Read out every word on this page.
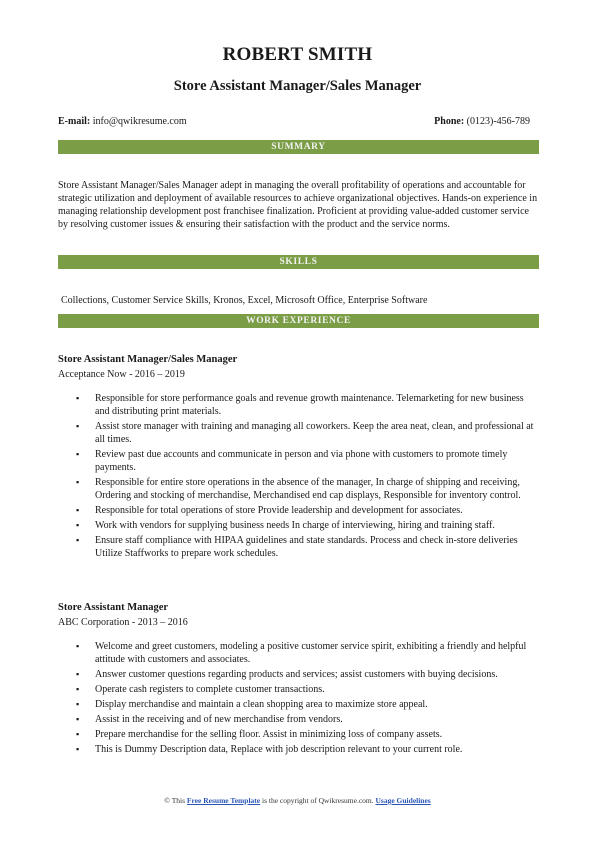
ROBERT SMITH
Store Assistant Manager/Sales Manager
E-mail: info@qwikresume.com	Phone: (0123)-456-789
SUMMARY
Store Assistant Manager/Sales Manager adept in managing the overall profitability of operations and accountable for strategic utilization and deployment of available resources to achieve organizational objectives. Hands-on experience in managing relationship development post franchisee finalization. Proficient at providing value-added customer service by resolving customer issues & ensuring their satisfaction with the product and the service norms.
SKILLS
Collections, Customer Service Skills, Kronos, Excel, Microsoft Office, Enterprise Software
WORK EXPERIENCE
Store Assistant Manager/Sales Manager
Acceptance Now - 2016 – 2019
▪ Responsible for store performance goals and revenue growth maintenance. Telemarketing for new business and distributing print materials.
▪ Assist store manager with training and managing all coworkers. Keep the area neat, clean, and professional at all times.
▪ Review past due accounts and communicate in person and via phone with customers to promote timely payments.
▪ Responsible for entire store operations in the absence of the manager, In charge of shipping and receiving, Ordering and stocking of merchandise, Merchandised end cap displays, Responsible for inventory control.
▪ Responsible for total operations of store Provide leadership and development for associates.
▪ Work with vendors for supplying business needs In charge of interviewing, hiring and training staff.
▪ Ensure staff compliance with HIPAA guidelines and state standards. Process and check in-store deliveries Utilize Staffworks to prepare work schedules.
Store Assistant Manager
ABC Corporation - 2013 – 2016
▪ Welcome and greet customers, modeling a positive customer service spirit, exhibiting a friendly and helpful attitude with customers and associates.
▪ Answer customer questions regarding products and services; assist customers with buying decisions.
▪ Operate cash registers to complete customer transactions.
▪ Display merchandise and maintain a clean shopping area to maximize store appeal.
▪ Assist in the receiving and of new merchandise from vendors.
▪ Prepare merchandise for the selling floor. Assist in minimizing loss of company assets.
▪ This is Dummy Description data, Replace with job description relevant to your current role.
© This Free Resume Template is the copyright of Qwikresume.com. Usage Guidelines
